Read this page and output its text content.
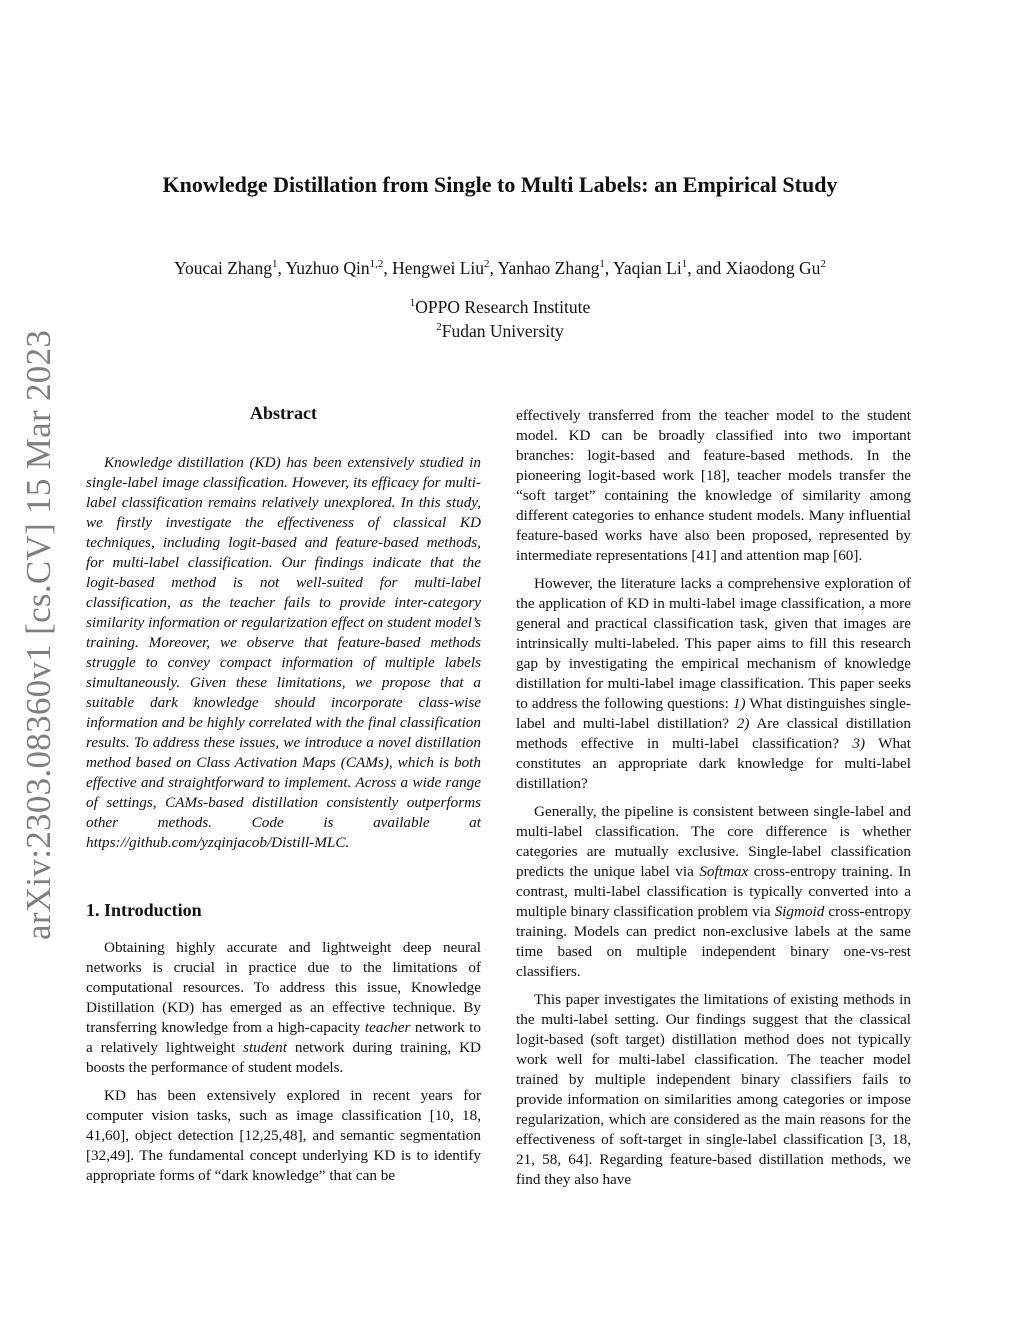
arXiv:2303.08360v1 [cs.CV] 15 Mar 2023
Knowledge Distillation from Single to Multi Labels: an Empirical Study
Youcai Zhang$^1$, Yuzhuo Qin$^{1,2}$, Hengwei Liu$^2$, Yanhao Zhang$^1$, Yaqian Li$^1$, and Xiaodong Gu$^2$
$^1$OPPO Research Institute
$^2$Fudan University
Abstract

Knowledge distillation (KD) has been extensively studied in single-label image classification. However, its efficacy for multi-label classification remains relatively unexplored. In this study, we firstly investigate the effectiveness of classical KD techniques, including logit-based and feature-based methods, for multi-label classification. Our findings indicate that the logit-based method is not well-suited for multi-label classification, as the teacher fails to provide inter-category similarity information or regularization effect on student model’s training. Moreover, we observe that feature-based methods struggle to convey compact information of multiple labels simultaneously. Given these limitations, we propose that a suitable dark knowledge should incorporate class-wise information and be highly correlated with the final classification results. To address these issues, we introduce a novel distillation method based on Class Activation Maps (CAMs), which is both effective and straightforward to implement. Across a wide range of settings, CAMs-based distillation consistently outperforms other methods. Code is available at https://github.com/yzqinjacob/Distill-MLC.

1. Introduction

Obtaining highly accurate and lightweight deep neural networks is crucial in practice due to the limitations of computational resources. To address this issue, Knowledge Distillation (KD) has emerged as an effective technique. By transferring knowledge from a high-capacity teacher network to a relatively lightweight student network during training, KD boosts the performance of student models.

KD has been extensively explored in recent years for computer vision tasks, such as image classification [10, 18, 41,60], object detection [12,25,48], and semantic segmentation [32,49]. The fundamental concept underlying KD is to identify appropriate forms of “dark knowledge” that can be

effectively transferred from the teacher model to the student model. KD can be broadly classified into two important branches: logit-based and feature-based methods. In the pioneering logit-based work [18], teacher models transfer the “soft target” containing the knowledge of similarity among different categories to enhance student models. Many influential feature-based works have also been proposed, represented by intermediate representations [41] and attention map [60].

However, the literature lacks a comprehensive exploration of the application of KD in multi-label image classification, a more general and practical classification task, given that images are intrinsically multi-labeled. This paper aims to fill this research gap by investigating the empirical mechanism of knowledge distillation for multi-label image classification. This paper seeks to address the following questions: 1) What distinguishes single-label and multi-label distillation? 2) Are classical distillation methods effective in multi-label classification? 3) What constitutes an appropriate dark knowledge for multi-label distillation?

Generally, the pipeline is consistent between single-label and multi-label classification. The core difference is whether categories are mutually exclusive. Single-label classification predicts the unique label via Softmax cross-entropy training. In contrast, multi-label classification is typically converted into a multiple binary classification problem via Sigmoid cross-entropy training. Models can predict non-exclusive labels at the same time based on multiple independent binary one-vs-rest classifiers.

This paper investigates the limitations of existing methods in the multi-label setting. Our findings suggest that the classical logit-based (soft target) distillation method does not typically work well for multi-label classification. The teacher model trained by multiple independent binary classifiers fails to provide information on similarities among categories or impose regularization, which are considered as the main reasons for the effectiveness of soft-target in single-label classification [3, 18, 21, 58, 64]. Regarding feature-based distillation methods, we find they also have
